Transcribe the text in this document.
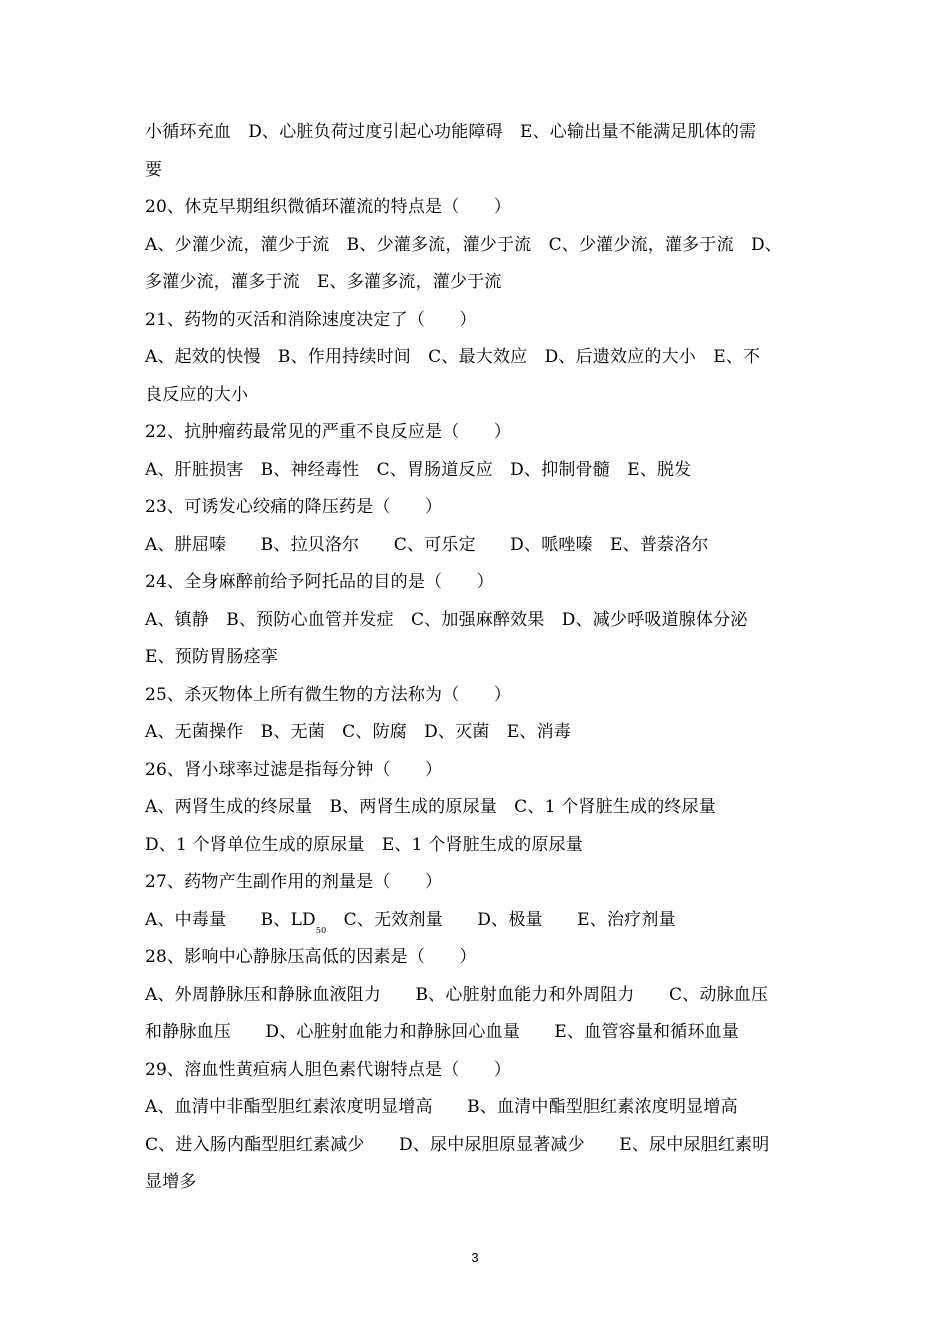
小循环充血　D、心脏负荷过度引起心功能障碍　E、心输出量不能满足肌体的需
要
20、休克早期组织微循环灌流的特点是（　　）
A、少灌少流，灌少于流　B、少灌多流，灌少于流　C、少灌少流，灌多于流　D、
多灌少流，灌多于流　E、多灌多流，灌少于流
21、药物的灭活和消除速度决定了（　　）
A、起效的快慢　B、作用持续时间　C、最大效应　D、后遗效应的大小　E、不
良反应的大小
22、抗肿瘤药最常见的严重不良反应是（　　）
A、肝脏损害　B、神经毒性　C、胃肠道反应　D、抑制骨髓　E、脱发
23、可诱发心绞痛的降压药是（　　）
A、肼屈嗪　　B、拉贝洛尔　　C、可乐定　　D、哌唑嗪　E、普萘洛尔
24、全身麻醉前给予阿托品的目的是（　　）
A、镇静　B、预防心血管并发症　C、加强麻醉效果　D、减少呼吸道腺体分泌
E、预防胃肠痉挛
25、杀灭物体上所有微生物的方法称为（　　）
A、无菌操作　B、无菌　C、防腐　D、灭菌　E、消毒
26、肾小球率过滤是指每分钟（　　）
A、两肾生成的终尿量　B、两肾生成的原尿量　C、1 个肾脏生成的终尿量
D、1 个肾单位生成的原尿量　E、1 个肾脏生成的原尿量
27、药物产生副作用的剂量是（　　）
A、中毒量　　B、$LD_{50}$　C、无效剂量　　D、极量　　E、治疗剂量
28、影响中心静脉压高低的因素是（　　）
A、外周静脉压和静脉血液阻力　　B、心脏射血能力和外周阻力　　C、动脉血压
和静脉血压　　D、心脏射血能力和静脉回心血量　　E、血管容量和循环血量
29、溶血性黄疸病人胆色素代谢特点是（　　）
A、血清中非酯型胆红素浓度明显增高　　B、血清中酯型胆红素浓度明显增高
C、进入肠内酯型胆红素减少　　D、尿中尿胆原显著减少　　E、尿中尿胆红素明
显增多
3
